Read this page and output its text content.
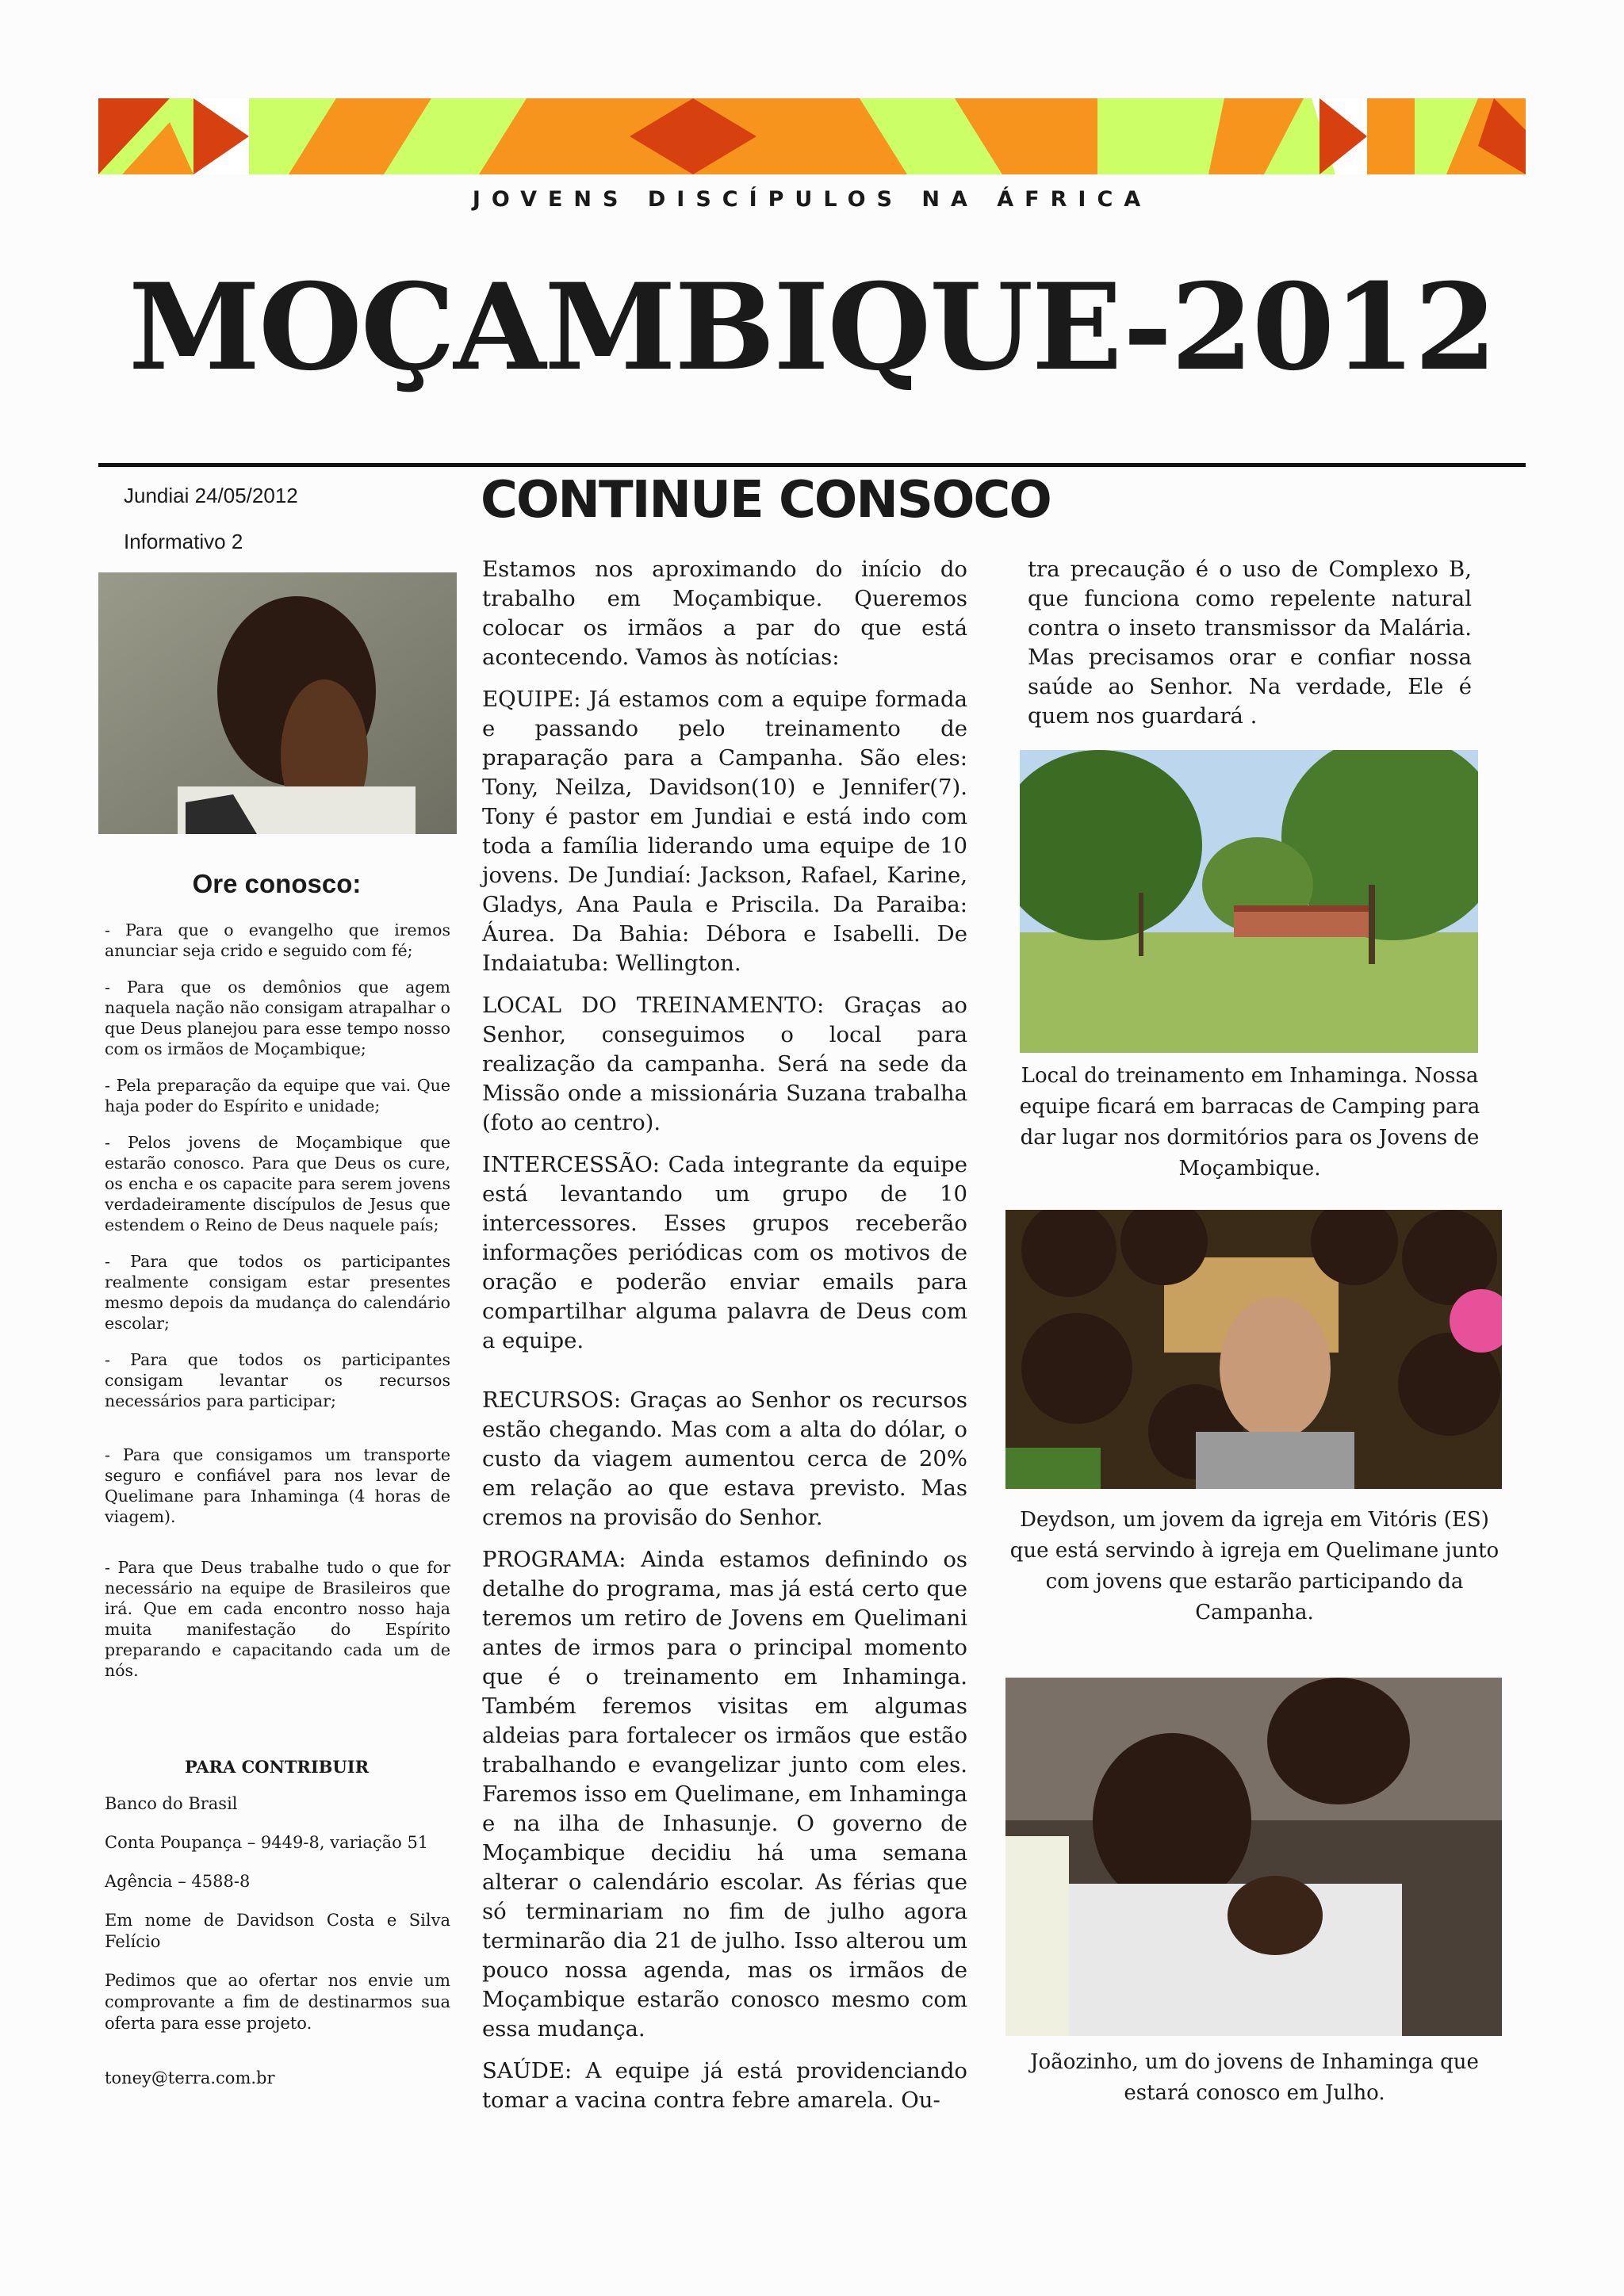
JOVENS DISCÍPULOS NA ÁFRICA
MOÇAMBIQUE-2012
Jundiai 24/05/2012
Informativo 2
Ore conosco:

- Para que o evangelho que iremos anunciar seja crido e seguido com fé;

- Para que os demônios que agem naquela nação não consigam atrapalhar o que Deus planejou para esse tempo nosso com os irmãos de Moçambique;

- Pela preparação da equipe que vai. Que haja poder do Espírito e unidade;

- Pelos jovens de Moçambique que estarão conosco. Para que Deus os cure, os encha e os capacite para serem jovens verdadeiramente discípulos de Jesus que estendem o Reino de Deus naquele país;

- Para que todos os participantes realmente consigam estar presentes mesmo depois da mudança do calendário escolar;

- Para que todos os participantes consigam levantar os recursos necessários para participar;

- Para que consigamos um transporte seguro e confiável para nos levar de Quelimane para Inhaminga (4 horas de viagem).

- Para que Deus trabalhe tudo o que for necessário na equipe de Brasileiros que irá. Que em cada encontro nosso haja muita manifestação do Espírito preparando e capacitando cada um de nós.

PARA CONTRIBUIR

Banco do Brasil

Conta Poupança – 9449-8, variação 51

Agência – 4588-8

Em nome de Davidson Costa e Silva Felício

Pedimos que ao ofertar nos envie um comprovante a fim de destinarmos sua oferta para esse projeto.

toney@terra.com.br

CONTINUE CONSOCO

Estamos nos aproximando do início do trabalho em Moçambique. Queremos colocar os irmãos a par do que está acontecendo. Vamos às notícias:

EQUIPE: Já estamos com a equipe formada e passando pelo treinamento de praparação para a Campanha. São eles: Tony, Neilza, Davidson(10) e Jennifer(7). Tony é pastor em Jundiai e está indo com toda a família liderando uma equipe de 10 jovens. De Jundiaí: Jackson, Rafael, Karine, Gladys, Ana Paula e Priscila. Da Paraiba: Áurea. Da Bahia: Débora e Isabelli. De Indaiatuba: Wellington.

LOCAL DO TREINAMENTO: Graças ao Senhor, conseguimos o local para realização da campanha. Será na sede da Missão onde a missionária Suzana trabalha (foto ao centro).

INTERCESSÃO: Cada integrante da equipe está levantando um grupo de 10 intercessores. Esses grupos receberão informações periódicas com os motivos de oração e poderão enviar emails para compartilhar alguma palavra de Deus com a equipe.

RECURSOS: Graças ao Senhor os recursos estão chegando. Mas com a alta do dólar, o custo da viagem aumentou cerca de 20% em relação ao que estava previsto. Mas cremos na provisão do Senhor.

PROGRAMA: Ainda estamos definindo os detalhe do programa, mas já está certo que teremos um retiro de Jovens em Quelimani antes de irmos para o principal momento que é o treinamento em Inhaminga. Também feremos visitas em algumas aldeias para fortalecer os irmãos que estão trabalhando e evangelizar junto com eles. Faremos isso em Quelimane, em Inhaminga e na ilha de Inhasunje. O governo de Moçambique decidiu há uma semana alterar o calendário escolar. As férias que só terminariam no fim de julho agora terminarão dia 21 de julho. Isso alterou um pouco nossa agenda, mas os irmãos de Moçambique estarão conosco mesmo com essa mudança.

SAÚDE: A equipe já está providenciando tomar a vacina contra febre amarela. Ou-

tra precaução é o uso de Complexo B, que funciona como repelente natural contra o inseto transmissor da Malária. Mas precisamos orar e confiar nossa saúde ao Senhor. Na verdade, Ele é quem nos guardará .

Local do treinamento em Inhaminga. Nossa equipe ficará em barracas de Camping para dar lugar nos dormitórios para os Jovens de Moçambique.
Deydson, um jovem da igreja em Vitóris (ES) que está servindo à igreja em Quelimane junto com jovens que estarão participando da Campanha.
Joãozinho, um do jovens de Inhaminga que estará conosco em Julho.
